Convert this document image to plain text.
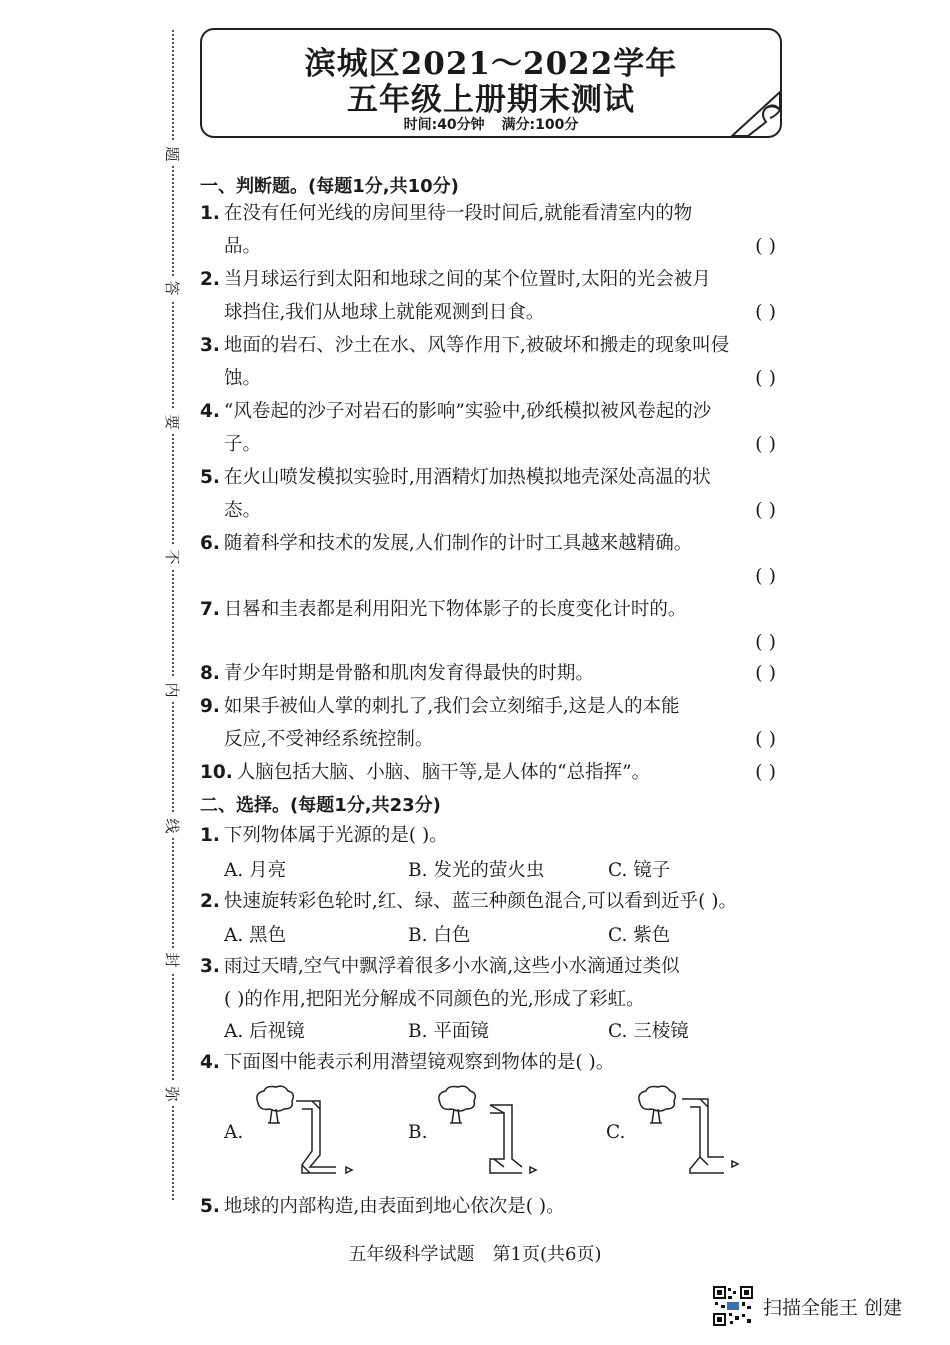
题
答
要
不
内
线
封
弥
滨城区2021～2022学年
五年级上册期末测试
时间:40分钟 满分:100分
一、判断题。(每题1分,共10分)
1. 在没有任何光线的房间里待一段时间后,就能看清室内的物
品。	( )
2. 当月球运行到太阳和地球之间的某个位置时,太阳的光会被月
球挡住,我们从地球上就能观测到日食。	( )
3. 地面的岩石、沙土在水、风等作用下,被破坏和搬走的现象叫侵
蚀。	( )
4. “风卷起的沙子对岩石的影响”实验中,砂纸模拟被风卷起的沙
子。	( )
5. 在火山喷发模拟实验时,用酒精灯加热模拟地壳深处高温的状
态。	( )
6. 随着科学和技术的发展,人们制作的计时工具越来越精确。
( )
7. 日晷和圭表都是利用阳光下物体影子的长度变化计时的。
( )
8. 青少年时期是骨骼和肌肉发育得最快的时期。	( )
9. 如果手被仙人掌的刺扎了,我们会立刻缩手,这是人的本能
反应,不受神经系统控制。	( )
10. 人脑包括大脑、小脑、脑干等,是人体的“总指挥”。	( )
二、选择。(每题1分,共23分)
1. 下列物体属于光源的是( )。
A. 月亮	B. 发光的萤火虫	C. 镜子
2. 快速旋转彩色轮时,红、绿、蓝三种颜色混合,可以看到近乎( )。
A. 黑色	B. 白色	C. 紫色
3. 雨过天晴,空气中飘浮着很多小水滴,这些小水滴通过类似
( )的作用,把阳光分解成不同颜色的光,形成了彩虹。
A. 后视镜	B. 平面镜	C. 三棱镜
4. 下面图中能表示利用潜望镜观察到物体的是( )。
A.	B.	C.
5. 地球的内部构造,由表面到地心依次是( )。
五年级科学试题　第1页(共6页)
扫描全能王 创建
